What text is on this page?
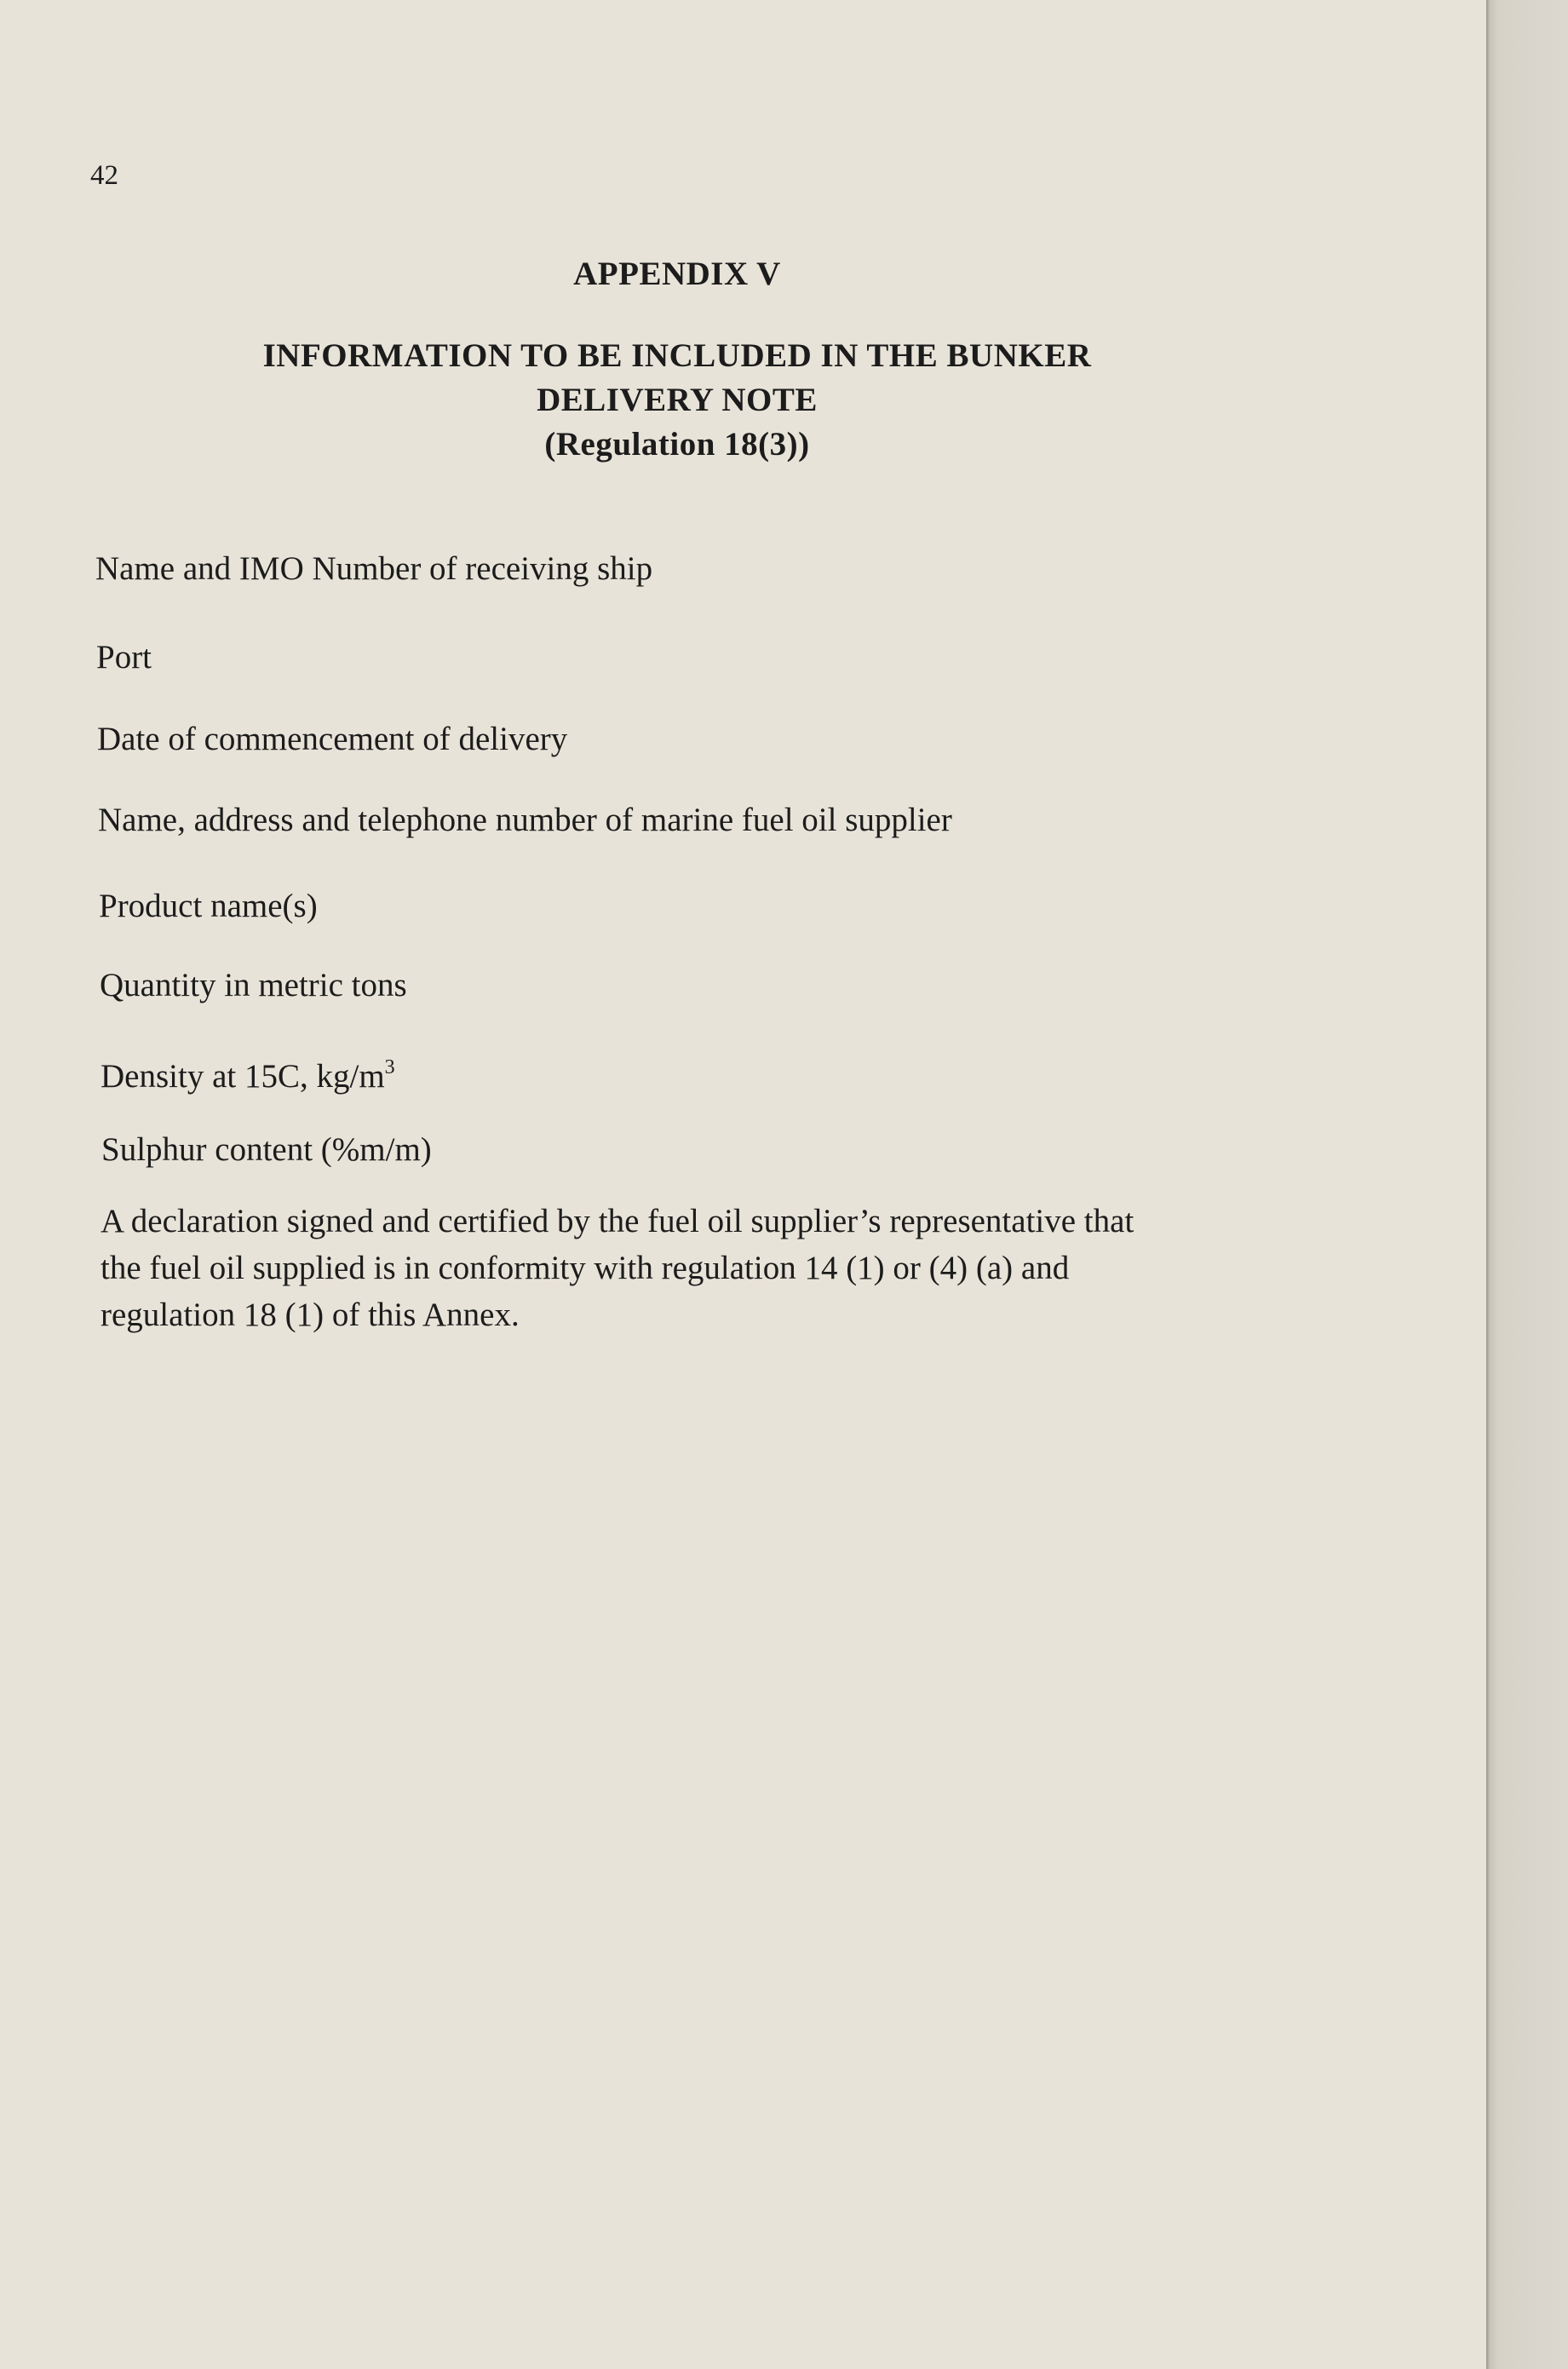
42
APPENDIX V
INFORMATION TO BE INCLUDED IN THE BUNKER
DELIVERY NOTE
(Regulation 18(3))
Name and IMO Number of receiving ship
Port
Date of commencement of delivery
Name, address and telephone number of marine fuel oil supplier
Product name(s)
Quantity in metric tons
Density at 15C, $kg/m^3$
Sulphur content (%m/m)
A declaration signed and certified by the fuel oil supplier’s representative that
the fuel oil supplied is in conformity with regulation 14 (1) or (4) (a) and
regulation 18 (1) of this Annex.
